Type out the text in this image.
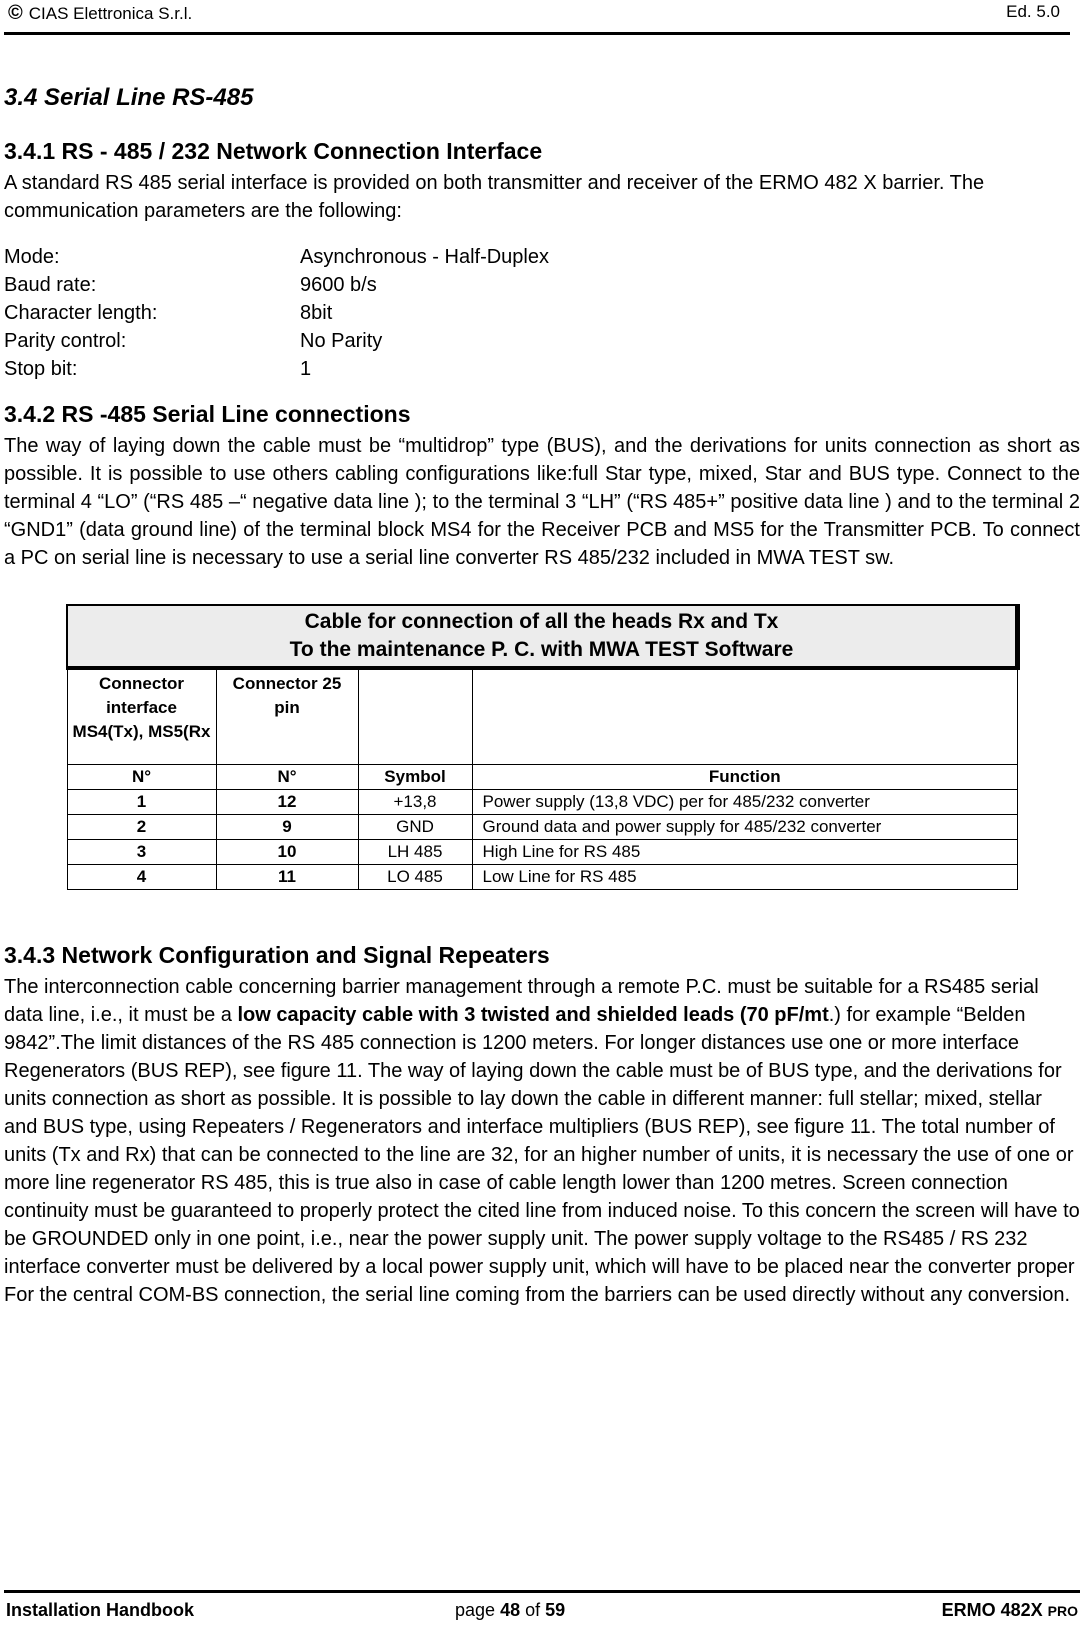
© CIAS Elettronica S.r.l.	Ed. 5.0
3.4 Serial Line RS-485
3.4.1 RS - 485 / 232 Network Connection Interface

A standard RS 485 serial interface is provided on both transmitter and receiver of the ERMO 482 X barrier. The communication parameters are the following:

Mode:	Asynchronous - Half-Duplex
Baud rate:	9600 b/s
Character length:	8bit
Parity control:	No Parity
Stop bit:	1
3.4.2 RS -485 Serial Line connections

The way of laying down the cable must be “multidrop” type (BUS), and the derivations for units connection as short as possible. It is possible to use others cabling configurations like:full Star type, mixed, Star and BUS type. Connect to the terminal 4 “LO” (“RS 485 –“ negative data line ); to the terminal 3 “LH” (“RS 485+” positive data line ) and to the terminal 2 “GND1” (data ground line) of the terminal block MS4 for the Receiver PCB and MS5 for the Transmitter PCB. To connect a PC on serial line is necessary to use a serial line converter RS 485/232 included in MWA TEST sw.

Cable for connection of all the heads Rx and Tx
To the maintenance P. C. with MWA TEST Software			
Connector interface MS4(Tx), MS5(Rx	Connector 25 pin		
N°	N°	Symbol	Function
1	12	+13,8	Power supply (13,8 VDC) per for 485/232 converter
2	9	GND	Ground data and power supply for 485/232 converter
3	10	LH 485	High Line for RS 485
4	11	LO 485	Low Line for RS 485
3.4.3 Network Configuration and Signal Repeaters

The interconnection cable concerning barrier management through a remote P.C. must be suitable for a RS485 serial data line, i.e., it must be a low capacity cable with 3 twisted and shielded leads (70 pF/mt.) for example “Belden 9842”.The limit distances of the RS 485 connection is 1200 meters. For longer distances use one or more interface Regenerators (BUS REP), see figure 11. The way of laying down the cable must be of BUS type, and the derivations for units connection as short as possible. It is possible to lay down the cable in different manner: full stellar; mixed, stellar and BUS type, using Repeaters / Regenerators and interface multipliers (BUS REP), see figure 11. The total number of units (Tx and Rx) that can be connected to the line are 32, for an higher number of units, it is necessary the use of one or more line regenerator RS 485, this is true also in case of cable length lower than 1200 metres. Screen connection continuity must be guaranteed to properly protect the cited line from induced noise. To this concern the screen will have to be GROUNDED only in one point, i.e., near the power supply unit. The power supply voltage to the RS485 / RS 232 interface converter must be delivered by a local power supply unit, which will have to be placed near the converter proper For the central COM-BS connection, the serial line coming from the barriers can be used directly without any conversion.

Installation Handbook	page 48 of 59	ERMO 482X PRO
